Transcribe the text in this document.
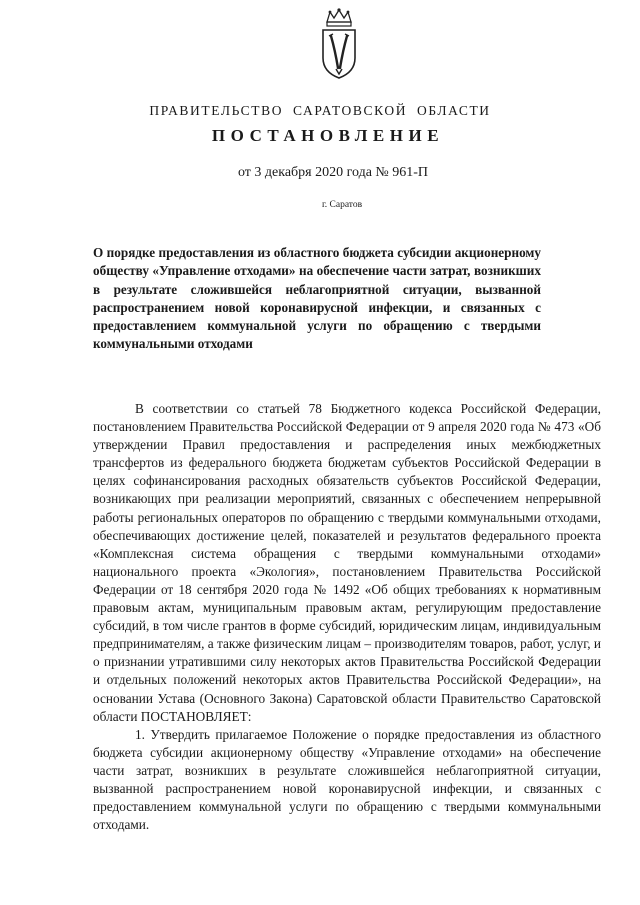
ПРАВИТЕЛЬСТВО САРАТОВСКОЙ ОБЛАСТИ
ПОСТАНОВЛЕНИЕ
от 3 декабря 2020 года № 961-П
г. Саратов
О порядке предоставления из областного бюджета субсидии акционерному обществу «Управление отходами» на обеспечение части затрат, возникших в результате сложившейся неблагоприятной ситуации, вызванной распространением новой коронавирусной инфекции, и связанных с предоставлением коммунальной услуги по обращению с твердыми коммунальными отходами

В соответствии со статьей 78 Бюджетного кодекса Российской Федерации, постановлением Правительства Российской Федерации от 9 апреля 2020 года № 473 «Об утверждении Правил предоставления и распределения иных межбюджетных трансфертов из федерального бюджета бюджетам субъектов Российской Федерации в целях софинансирования расходных обязательств субъектов Российской Федерации, возникающих при реализации мероприятий, связанных с обеспечением непрерывной работы региональных операторов по обращению с твердыми коммунальными отходами, обеспечивающих достижение целей, показателей и результатов федерального проекта «Комплексная система обращения с твердыми коммунальными отходами» национального проекта «Экология», постановлением Правительства Российской Федерации от 18 сентября 2020 года № 1492 «Об общих требованиях к нормативным правовым актам, муниципальным правовым актам, регулирующим предоставление субсидий, в том числе грантов в форме субсидий, юридическим лицам, индивидуальным предпринимателям, а также физическим лицам – производителям товаров, работ, услуг, и о признании утратившими силу некоторых актов Правительства Российской Федерации и отдельных положений некоторых актов Правительства Российской Федерации», на основании Устава (Основного Закона) Саратовской области Правительство Саратовской области ПОСТАНОВЛЯЕТ:

1. Утвердить прилагаемое Положение о порядке предоставления из областного бюджета субсидии акционерному обществу «Управление отходами» на обеспечение части затрат, возникших в результате сложившейся неблагоприятной ситуации, вызванной распространением новой коронавирусной инфекции, и связанных с предоставлением коммунальной услуги по обращению с твердыми коммунальными отходами.
